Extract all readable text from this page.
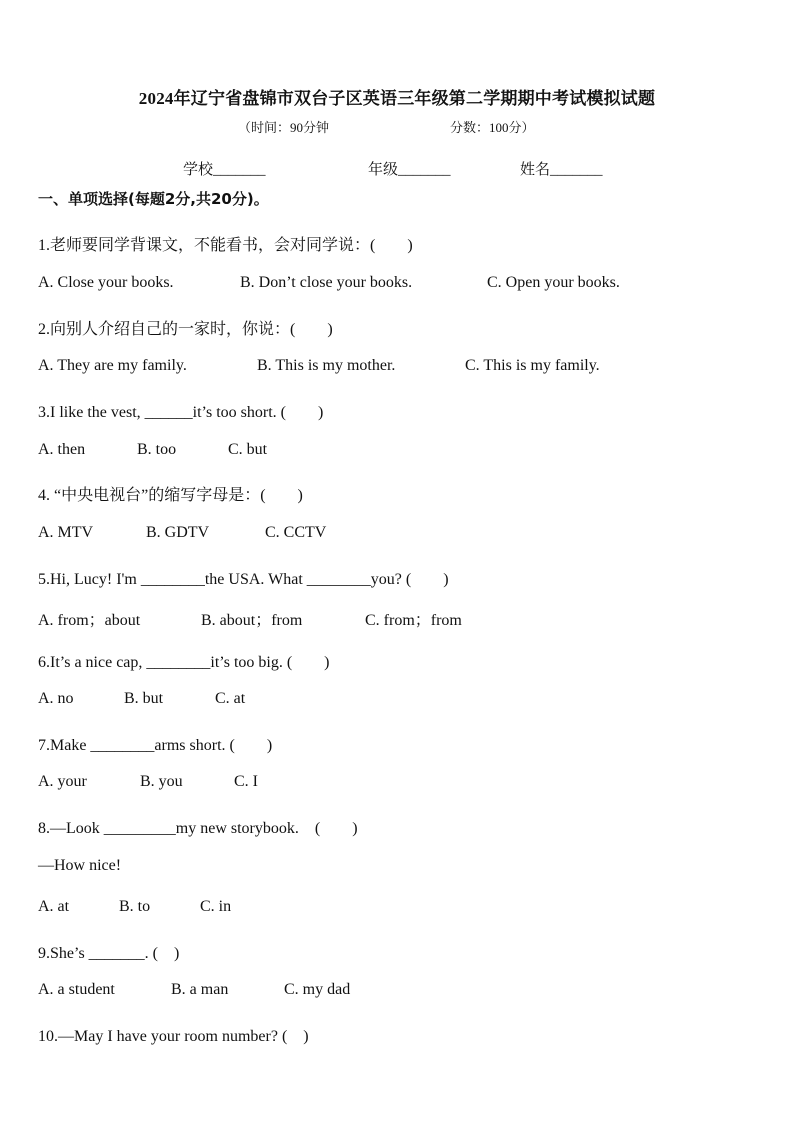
2024年辽宁省盘锦市双台子区英语三年级第二学期期中考试模拟试题
（时间：90分钟	分数：100分）
学校_______	年级_______	姓名_______
一、单项选择(每题2分,共20分)。
1.老师要同学背课文，不能看书，会对同学说：(　　)
A. Close your books.	B. Don’t close your books.	C. Open your books.
2.向别人介绍自己的一家时，你说：(　　)
A. They are my family.	B. This is my mother.	C. This is my family.
3.I like the vest, ______it’s too short. (　　)
A. then	B. too	C. but
4. “中央电视台”的缩写字母是：(　　)
A. MTV	B. GDTV	C. CCTV
5.Hi, Lucy! I'm ________the USA. What ________you? (　　)
A. from；about	B. about；from	C. from；from
6.It’s a nice cap, ________it’s too big. (　　)
A. no	B. but	C. at
7.Make ________arms short. (　　)
A. your	B. you	C. I
8.—Look _________my new storybook.　(　　)
—How nice!
A. at	B. to	C. in
9.She’s _______. (　)
A. a student	B. a man	C. my dad
10.—May I have your room number? (　)
